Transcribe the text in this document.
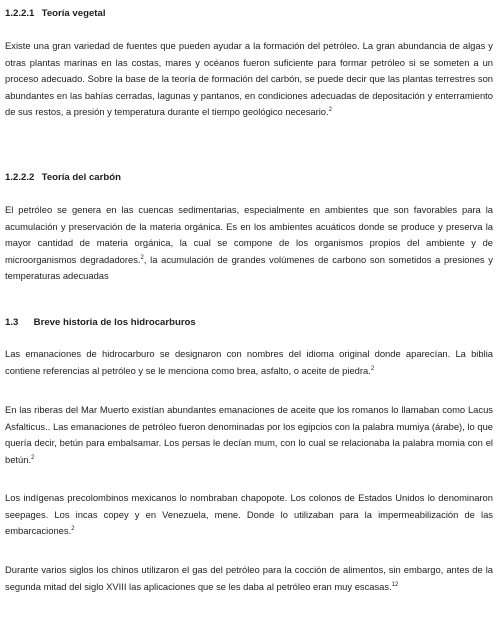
1.2.2.1 Teoría vegetal

Existe una gran variedad de fuentes que pueden ayudar a la formación del petróleo. La gran abundancia de algas y otras plantas marinas en las costas, mares y océanos fueron suficiente para formar petróleo si se someten a un proceso adecuado. Sobre la base de la teoría de formación del carbón, se puede decir que las plantas terrestres son abundantes en las bahías cerradas, lagunas y pantanos, en condiciones adecuadas de depositación y enterramiento de sus restos, a presión y temperatura durante el tiempo geológico necesario.$^2$

1.2.2.2 Teoría del carbón

El petróleo se genera en las cuencas sedimentarias, especialmente en ambientes que son favorables para la acumulación y preservación de la materia orgánica. Es en los ambientes acuáticos donde se produce y preserva la mayor cantidad de materia orgánica, la cual se compone de los organismos propios del ambiente y de microorganismos degradadores.$^2$, la acumulación de grandes volúmenes de carbono son sometidos a presiones y temperaturas adecuadas

1.3 Breve historia de los hidrocarburos

Las emanaciones de hidrocarburo se designaron con nombres del idioma original donde aparecían. La biblia contiene referencias al petróleo y se le menciona como brea, asfalto, o aceite de piedra.$^2$

En las riberas del Mar Muerto existían abundantes emanaciones de aceite que los romanos lo llamaban como Lacus Asfalticus.. Las emanaciones de petróleo fueron denominadas por los egipcios con la palabra mumiya (árabe), lo que quería decir, betún para embalsamar. Los persas le decían mum, con lo cual se relacionaba la palabra momia con el betún.$^2$

Los indígenas precolombinos mexicanos lo nombraban chapopote. Los colonos de Estados Unidos lo denominaron seepages. Los incas copey y en Venezuela, mene. Donde lo utilizaban para la impermeabilización de las embarcaciones.$^2$

Durante varios siglos los chinos utilizaron el gas del petróleo para la cocción de alimentos, sin embargo, antes de la segunda mitad del siglo XVIII las aplicaciones que se les daba al petróleo eran muy escasas.$^{12}$
